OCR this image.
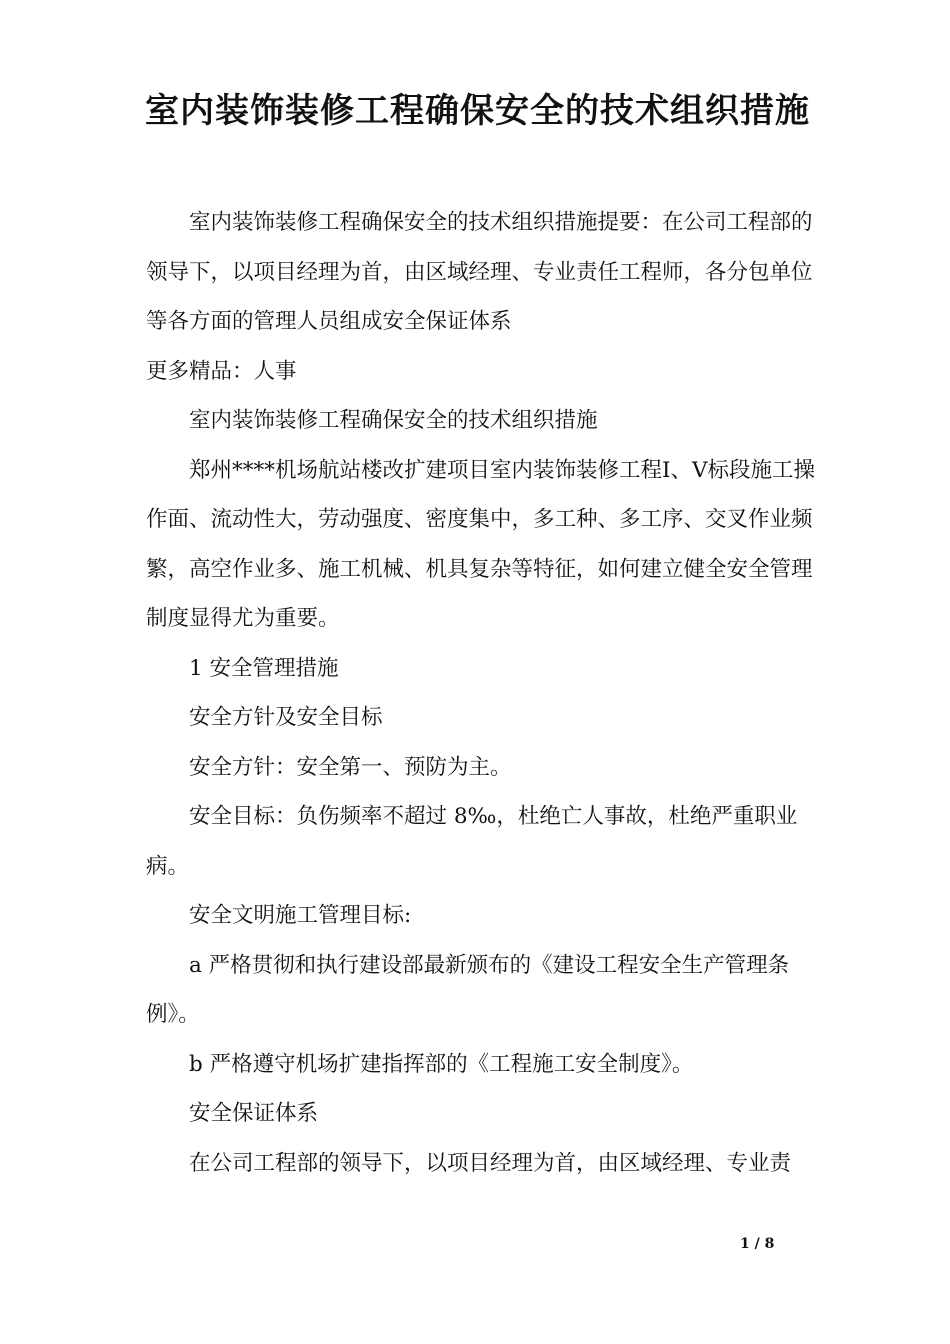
室内装饰装修工程确保安全的技术组织措施

室内装饰装修工程确保安全的技术组织措施提要：在公司工程部的领导下，以项目经理为首，由区域经理、专业责任工程师，各分包单位等各方面的管理人员组成安全保证体系

更多精品：人事

室内装饰装修工程确保安全的技术组织措施

郑州****机场航站楼改扩建项目室内装饰装修工程Ⅰ、Ⅴ标段施工操作面、流动性大，劳动强度、密度集中，多工种、多工序、交叉作业频繁，高空作业多、施工机械、机具复杂等特征，如何建立健全安全管理制度显得尤为重要。

1 安全管理措施

安全方针及安全目标

安全方针：安全第一、预防为主。

安全目标：负伤频率不超过 8‰，杜绝亡人事故，杜绝严重职业病。

安全文明施工管理目标:

a 严格贯彻和执行建设部最新颁布的《建设工程安全生产管理条例》。

b 严格遵守机场扩建指挥部的《工程施工安全制度》。

安全保证体系

在公司工程部的领导下，以项目经理为首，由区域经理、专业责

1 / 8
